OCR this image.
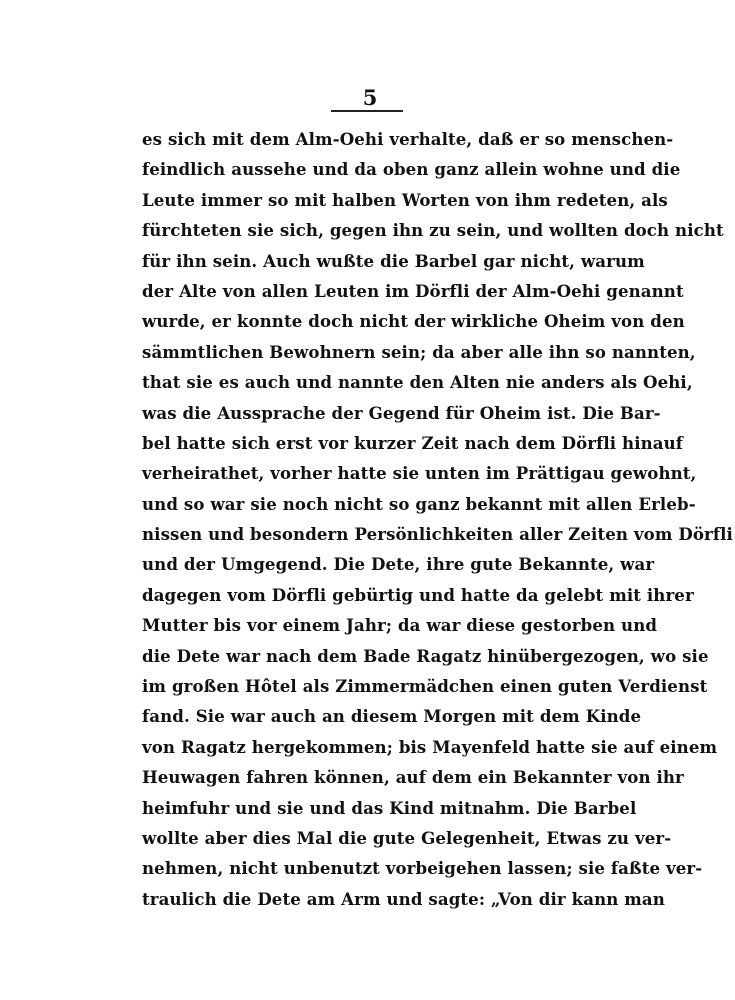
5
es sich mit dem Alm-Oehi verhalte, daß er so menschen-
feindlich aussehe und da oben ganz allein wohne und die
Leute immer so mit halben Worten von ihm redeten, als
fürchteten sie sich, gegen ihn zu sein, und wollten doch nicht
für ihn sein. Auch wußte die Barbel gar nicht, warum
der Alte von allen Leuten im Dörfli der Alm-Oehi genannt
wurde, er konnte doch nicht der wirkliche Oheim von den
sämmtlichen Bewohnern sein; da aber alle ihn so nannten,
that sie es auch und nannte den Alten nie anders als Oehi,
was die Aussprache der Gegend für Oheim ist. Die Bar-
bel hatte sich erst vor kurzer Zeit nach dem Dörfli hinauf
verheirathet, vorher hatte sie unten im Prättigau gewohnt,
und so war sie noch nicht so ganz bekannt mit allen Erleb-
nissen und besondern Persönlichkeiten aller Zeiten vom Dörfli
und der Umgegend. Die Dete, ihre gute Bekannte, war
dagegen vom Dörfli gebürtig und hatte da gelebt mit ihrer
Mutter bis vor einem Jahr; da war diese gestorben und
die Dete war nach dem Bade Ragatz hinübergezogen, wo sie
im großen Hôtel als Zimmermädchen einen guten Verdienst
fand. Sie war auch an diesem Morgen mit dem Kinde
von Ragatz hergekommen; bis Mayenfeld hatte sie auf einem
Heuwagen fahren können, auf dem ein Bekannter von ihr
heimfuhr und sie und das Kind mitnahm. Die Barbel
wollte aber dies Mal die gute Gelegenheit, Etwas zu ver-
nehmen, nicht unbenutzt vorbeigehen lassen; sie faßte ver-
traulich die Dete am Arm und sagte: „Von dir kann man
